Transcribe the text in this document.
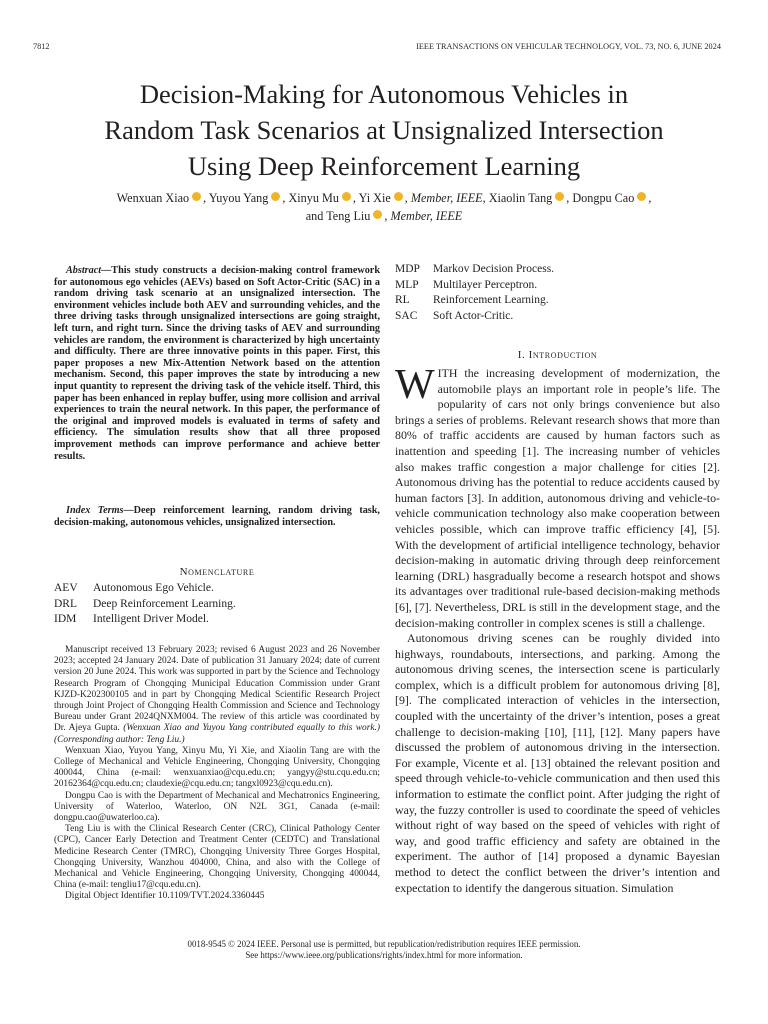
7812	IEEE TRANSACTIONS ON VEHICULAR TECHNOLOGY, VOL. 73, NO. 6, JUNE 2024
Decision-Making for Autonomous Vehicles in
Random Task Scenarios at Unsignalized Intersection
Using Deep Reinforcement Learning
Wenxuan Xiao , Yuyou Yang , Xinyu Mu , Yi Xie , Member, IEEE, Xiaolin Tang , Dongpu Cao ,
and Teng Liu , Member, IEEE
Abstract—This study constructs a decision-making control framework for autonomous ego vehicles (AEVs) based on Soft Actor-Critic (SAC) in a random driving task scenario at an unsignalized intersection. The environment vehicles include both AEV and surrounding vehicles, and the three driving tasks through unsignalized intersections are going straight, left turn, and right turn. Since the driving tasks of AEV and surrounding vehicles are random, the environment is characterized by high uncertainty and difficulty. There are three innovative points in this paper. First, this paper proposes a new Mix-Attention Network based on the attention mechanism. Second, this paper improves the state by introducing a new input quantity to represent the driving task of the vehicle itself. Third, this paper has been enhanced in replay buffer, using more collision and arrival experiences to train the neural network. In this paper, the performance of the original and improved models is evaluated in terms of safety and efficiency. The simulation results show that all three proposed improvement methods can improve performance and achieve better results.
Index Terms—Deep reinforcement learning, random driving task, decision-making, autonomous vehicles, unsignalized intersection.
Nomenclature
AEV Autonomous Ego Vehicle.
DRL Deep Reinforcement Learning.
IDM Intelligent Driver Model.

Manuscript received 13 February 2023; revised 6 August 2023 and 26 November 2023; accepted 24 January 2024. Date of publication 31 January 2024; date of current version 20 June 2024. This work was supported in part by the Science and Technology Research Program of Chongqing Municipal Education Commission under Grant KJZD-K202300105 and in part by Chongqing Medical Scientific Research Project through Joint Project of Chongqing Health Commission and Science and Technology Bureau under Grant 2024QNXM004. The review of this article was coordinated by Dr. Ajeya Gupta. (Wenxuan Xiao and Yuyou Yang contributed equally to this work.) (Corresponding author: Teng Liu.)

Wenxuan Xiao, Yuyou Yang, Xinyu Mu, Yi Xie, and Xiaolin Tang are with the College of Mechanical and Vehicle Engineering, Chongqing University, Chongqing 400044, China (e-mail: wenxuanxiao@cqu.edu.cn; yangyy@stu.cqu.edu.cn; 20162364@cqu.edu.cn; claudexie@cqu.edu.cn; tangxl0923@cqu.edu.cn).

Dongpu Cao is with the Department of Mechanical and Mechatronics Engineering, University of Waterloo, Waterloo, ON N2L 3G1, Canada (e-mail: dongpu.cao@uwaterloo.ca).

Teng Liu is with the Clinical Research Center (CRC), Clinical Pathology Center (CPC), Cancer Early Detection and Treatment Center (CEDTC) and Translational Medicine Research Center (TMRC), Chongqing University Three Gorges Hospital, Chongqing University, Wanzhou 404000, China, and also with the College of Mechanical and Vehicle Engineering, Chongqing University, Chongqing 400044, China (e-mail: tengliu17@cqu.edu.cn).

Digital Object Identifier 10.1109/TVT.2024.3360445

MDP Markov Decision Process.
MLP Multilayer Perceptron.
RL Reinforcement Learning.
SAC Soft Actor-Critic.
I. Introduction

WITH the increasing development of modernization, the automobile plays an important role in people’s life. The popularity of cars not only brings convenience but also brings a series of problems. Relevant research shows that more than 80% of traffic accidents are caused by human factors such as inattention and speeding [1]. The increasing number of vehicles also makes traffic congestion a major challenge for cities [2]. Autonomous driving has the potential to reduce accidents caused by human factors [3]. In addition, autonomous driving and vehicle-to-vehicle communication technology also make cooperation between vehicles possible, which can improve traffic efficiency [4], [5]. With the development of artificial intelligence technology, behavior decision-making in automatic driving through deep reinforcement learning (DRL) hasgradually become a research hotspot and shows its advantages over traditional rule-based decision-making methods [6], [7]. Nevertheless, DRL is still in the development stage, and the decision-making controller in complex scenes is still a challenge.

Autonomous driving scenes can be roughly divided into highways, roundabouts, intersections, and parking. Among the autonomous driving scenes, the intersection scene is particularly complex, which is a difficult problem for autonomous driving [8], [9]. The complicated interaction of vehicles in the intersection, coupled with the uncertainty of the driver’s intention, poses a great challenge to decision-making [10], [11], [12]. Many papers have discussed the problem of autonomous driving in the intersection. For example, Vicente et al. [13] obtained the relevant position and speed through vehicle-to-vehicle communication and then used this information to estimate the conflict point. After judging the right of way, the fuzzy controller is used to coordinate the speed of vehicles without right of way based on the speed of vehicles with right of way, and good traffic efficiency and safety are obtained in the experiment. The author of [14] proposed a dynamic Bayesian method to detect the conflict between the driver’s intention and expectation to identify the dangerous situation. Simulation

0018-9545 © 2024 IEEE. Personal use is permitted, but republication/redistribution requires IEEE permission.
See https://www.ieee.org/publications/rights/index.html for more information.
